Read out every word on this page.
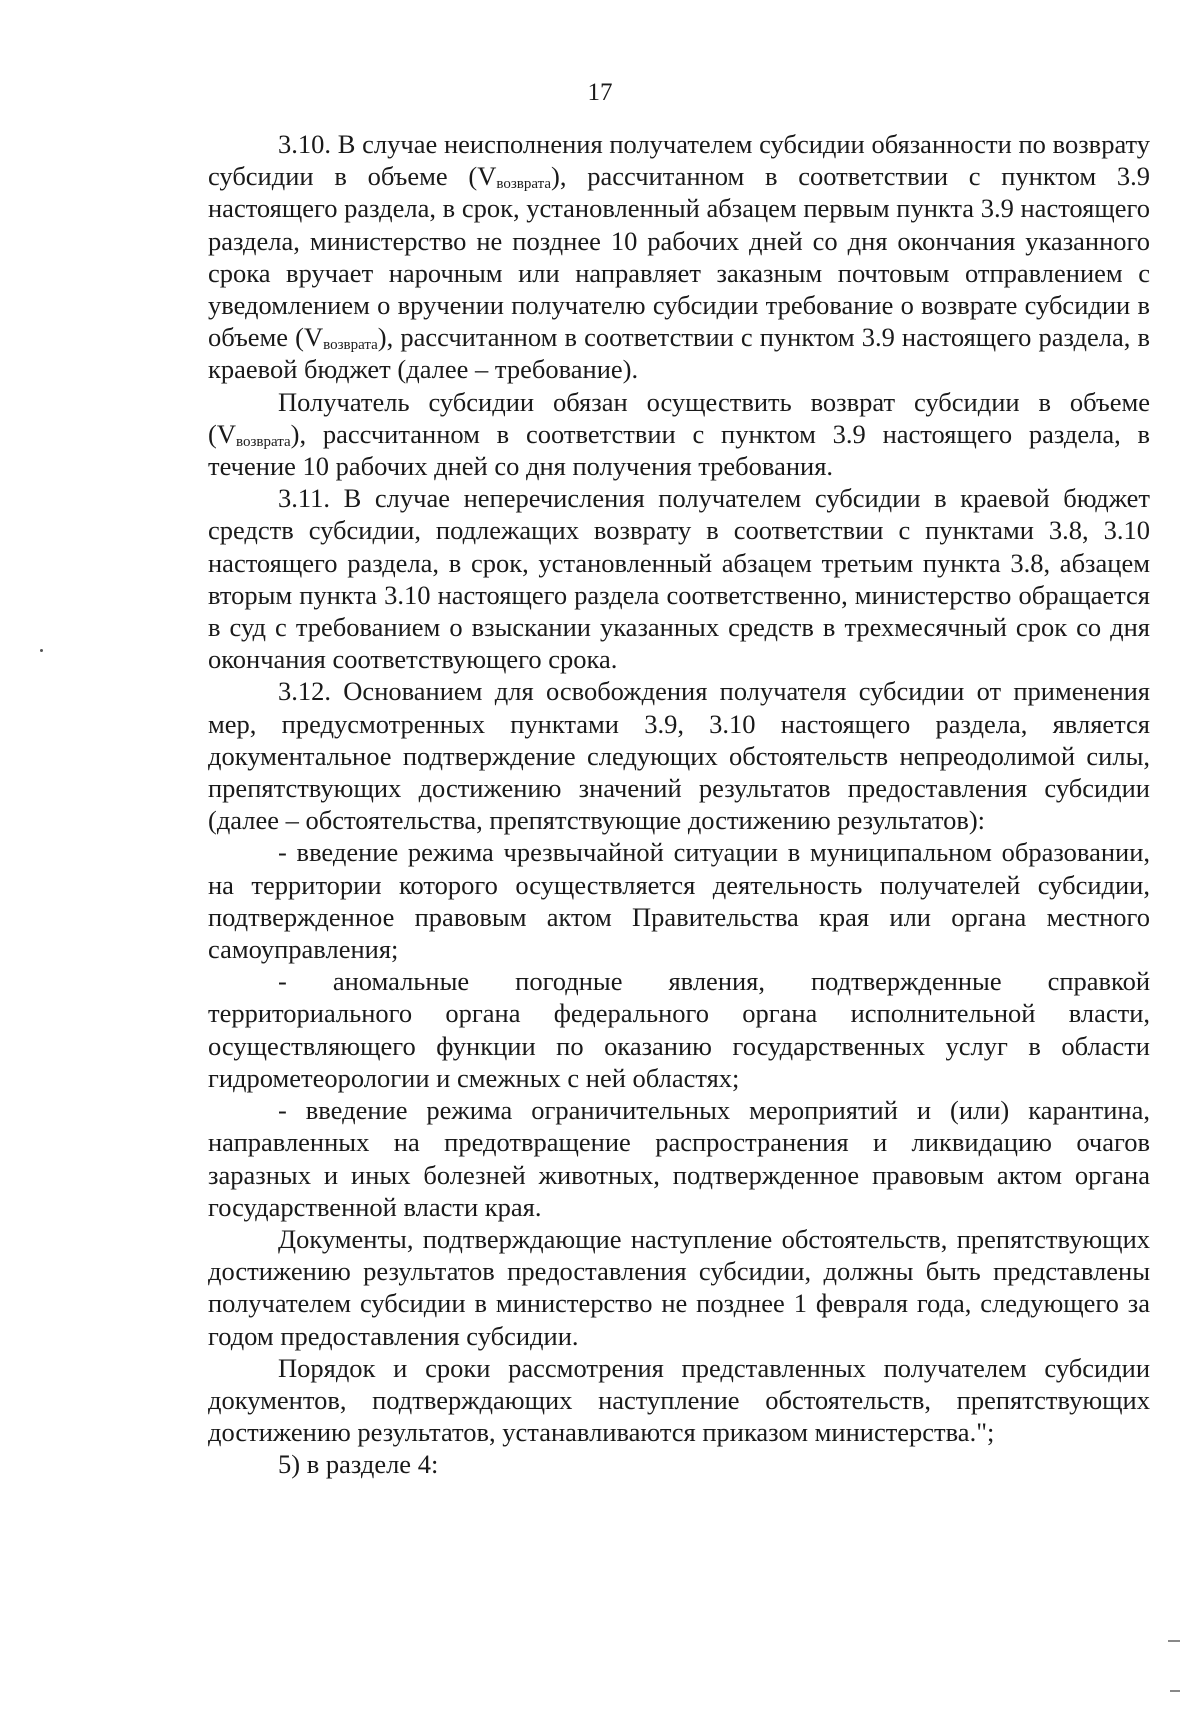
17

3.10. В случае неисполнения получателем субсидии обязанности по возврату субсидии в объеме $(V_{возврата})$, рассчитанном в соответствии с пунктом 3.9 настоящего раздела, в срок, установленный абзацем первым пункта 3.9 настоящего раздела, министерство не позднее 10 рабочих дней со дня окончания указанного срока вручает нарочным или направляет заказным почтовым отправлением с уведомлением о вручении получателю субсидии требование о возврате субсидии в объеме $(V_{возврата})$, рассчитанном в соответствии с пунктом 3.9 настоящего раздела, в краевой бюджет (далее – требование).

Получатель субсидии обязан осуществить возврат субсидии в объеме $(V_{возврата})$, рассчитанном в соответствии с пунктом 3.9 настоящего раздела, в течение 10 рабочих дней со дня получения требования.

3.11. В случае неперечисления получателем субсидии в краевой бюджет средств субсидии, подлежащих возврату в соответствии с пунктами 3.8, 3.10 настоящего раздела, в срок, установленный абзацем третьим пункта 3.8, абзацем вторым пункта 3.10 настоящего раздела соответственно, министерство обращается в суд с требованием о взыскании указанных средств в трехмесячный срок со дня окончания соответствующего срока.

3.12. Основанием для освобождения получателя субсидии от применения мер, предусмотренных пунктами 3.9, 3.10 настоящего раздела, является документальное подтверждение следующих обстоятельств непреодолимой силы, препятствующих достижению значений результатов предоставления субсидии (далее – обстоятельства, препятствующие достижению результатов):

- введение режима чрезвычайной ситуации в муниципальном образовании, на территории которого осуществляется деятельность получателей субсидии, подтвержденное правовым актом Правительства края или органа местного самоуправления;

- аномальные погодные явления, подтвержденные справкой территориального органа федерального органа исполнительной власти, осуществляющего функции по оказанию государственных услуг в области гидрометеорологии и смежных с ней областях;

- введение режима ограничительных мероприятий и (или) карантина, направленных на предотвращение распространения и ликвидацию очагов заразных и иных болезней животных, подтвержденное правовым актом органа государственной власти края.

Документы, подтверждающие наступление обстоятельств, препятствующих достижению результатов предоставления субсидии, должны быть представлены получателем субсидии в министерство не позднее 1 февраля года, следующего за годом предоставления субсидии.

Порядок и сроки рассмотрения представленных получателем субсидии документов, подтверждающих наступление обстоятельств, препятствующих достижению результатов, устанавливаются приказом министерства.";

5) в разделе 4:
